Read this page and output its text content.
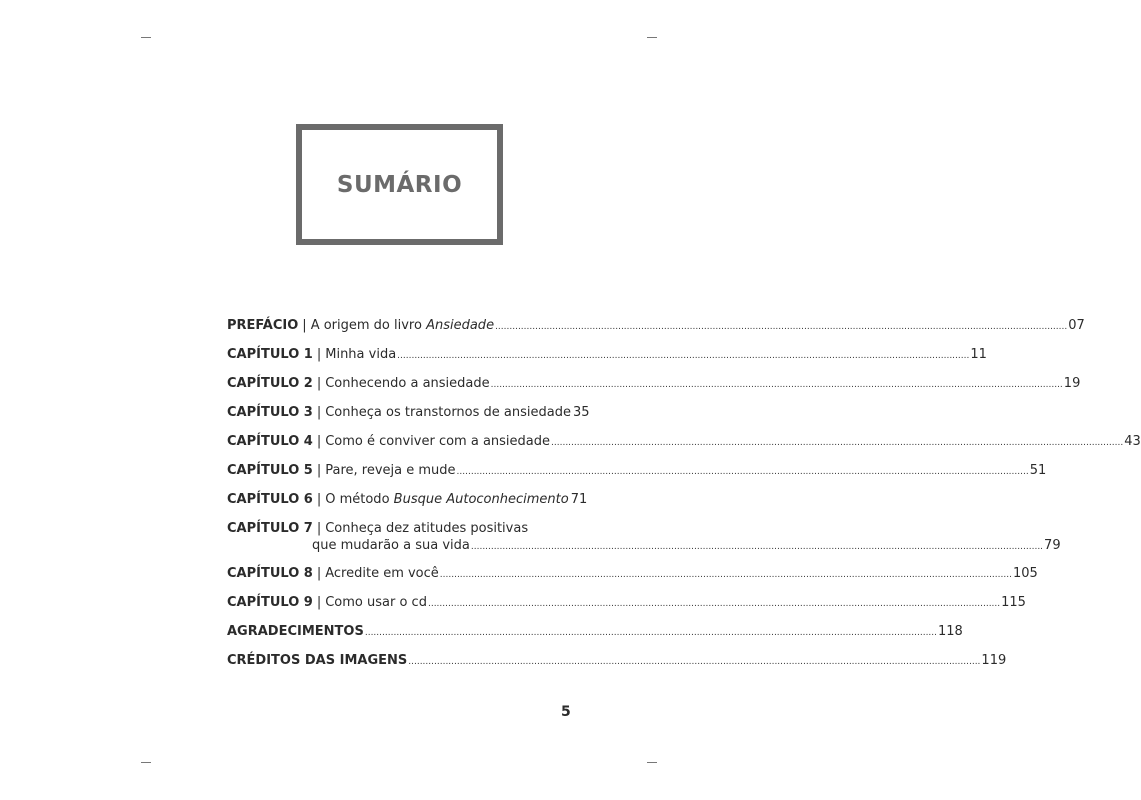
SUMÁRIO
PREFÁCIO | A origem do livro Ansiedade ........................................................................................................................................................................................................ 07
CAPÍTULO 1 | Minha vida ........................................................................................................................................................................................................ 11
CAPÍTULO 2 | Conhecendo a ansiedade ........................................................................................................................................................................................................ 19
CAPÍTULO 3 | Conheça os transtornos de ansiedade 35
CAPÍTULO 4 | Como é conviver com a ansiedade ........................................................................................................................................................................................................ 43
CAPÍTULO 5 | Pare, reveja e mude ........................................................................................................................................................................................................ 51
CAPÍTULO 6 | O método Busque Autoconhecimento 71
CAPÍTULO 7 | Conheça dez atitudes positivas
que mudarão a sua vida ........................................................................................................................................................................................................ 79
CAPÍTULO 8 | Acredite em você ........................................................................................................................................................................................................ 105
CAPÍTULO 9 | Como usar o cd ........................................................................................................................................................................................................ 115
AGRADECIMENTOS ........................................................................................................................................................................................................ 118
CRÉDITOS DAS IMAGENS ........................................................................................................................................................................................................ 119
5
